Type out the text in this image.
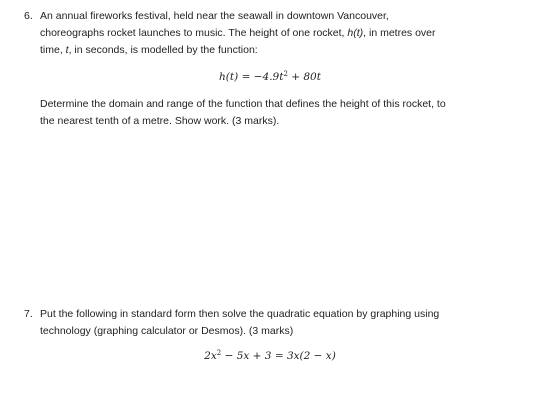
6. An annual fireworks festival, held near the seawall in downtown Vancouver,
choreographs rocket launches to music. The height of one rocket, h(t), in metres over
time, t, in seconds, is modelled by the function:

$h(t) = -4.9t^2 + 80t$

Determine the domain and range of the function that defines the height of this rocket, to
the nearest tenth of a metre. Show work. (3 marks).

7. Put the following in standard form then solve the quadratic equation by graphing using
technology (graphing calculator or Desmos). (3 marks)

$2x^2 - 5x + 3 = 3x(2 - x)$
